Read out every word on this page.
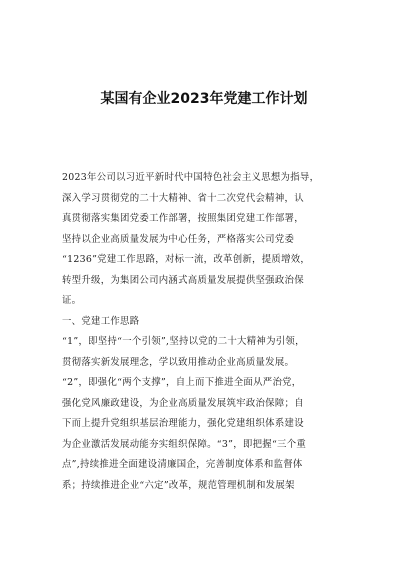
某国有企业2023年党建工作计划
2023年公司以习近平新时代中国特色社会主义思想为指导，
深入学习贯彻党的二十大精神、省十二次党代会精神，认
真贯彻落实集团党委工作部署，按照集团党建工作部署，
坚持以企业高质量发展为中心任务，严格落实公司党委
“1236”党建工作思路，对标一流，改革创新，提质增效，
转型升级，为集团公司内涵式高质量发展提供坚强政治保
证。
一、党建工作思路
“1”，即坚持“一个引领”,坚持以党的二十大精神为引领，
贯彻落实新发展理念，学以致用推动企业高质量发展。
“2”，即强化“两个支撑”，自上而下推进全面从严治党，
强化党风廉政建设，为企业高质量发展筑牢政治保障；自
下而上提升党组织基层治理能力，强化党建组织体系建设
为企业激活发展动能夯实组织保障。“3”，即把握“三个重
点”,持续推进全面建设清廉国企，完善制度体系和监督体
系；持续推进企业“六定”改革，规范管理机制和发展架
